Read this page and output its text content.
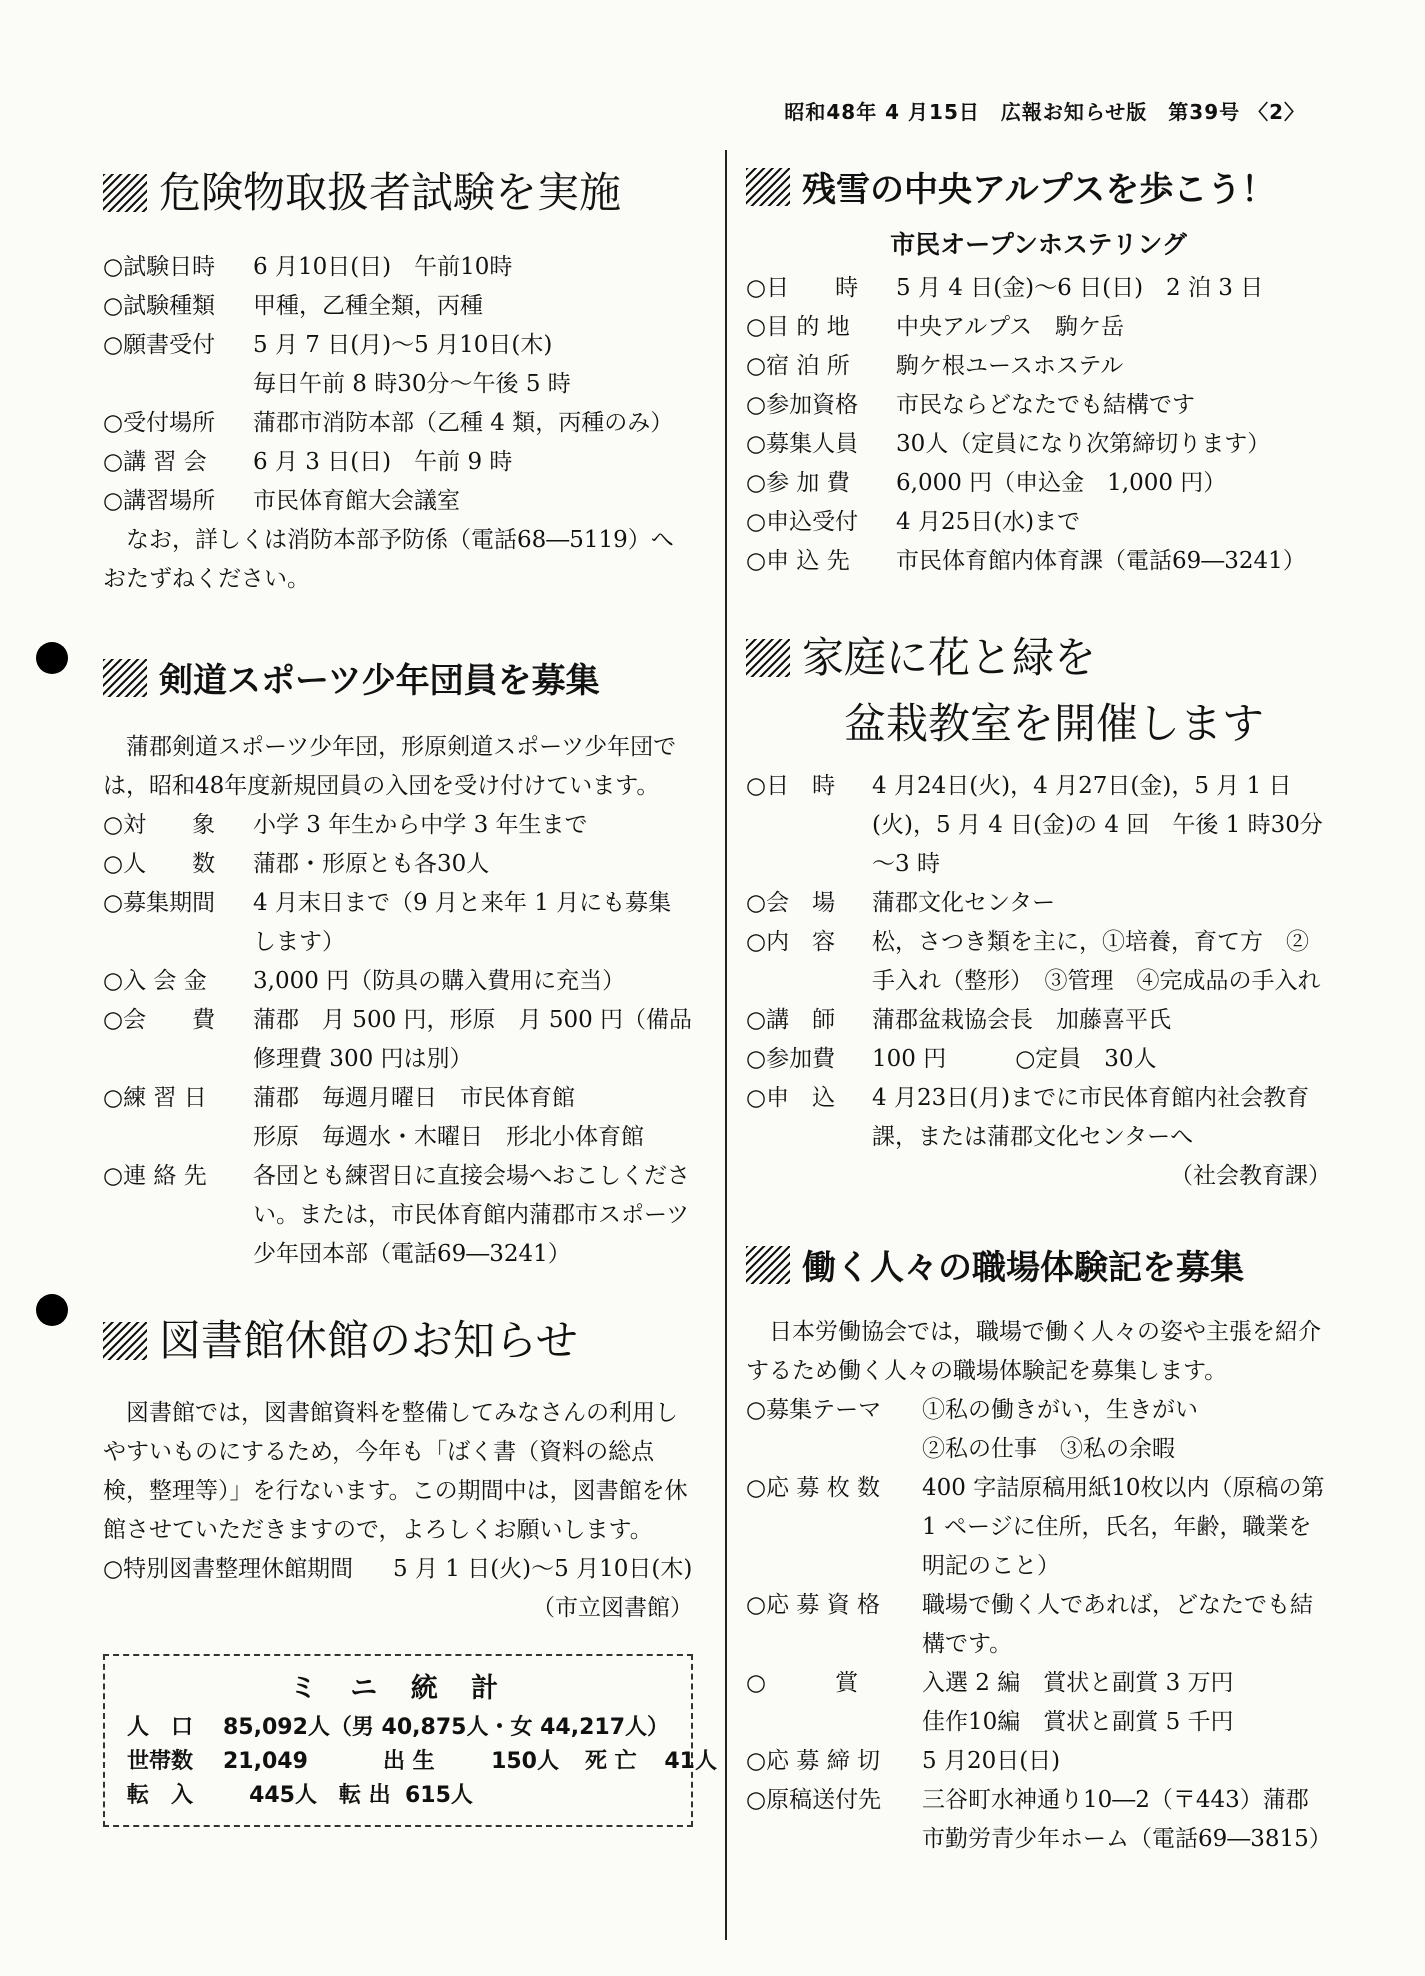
昭和48年 4 月15日　広報お知らせ版　第39号 〈2〉
危険物取扱者試験を実施
○試験日時	6 月10日(日)　午前10時
○試験種類	甲種，乙種全類，丙種
○願書受付	5 月 7 日(月)～5 月10日(木)
毎日午前 8 時30分～午後 5 時
○受付場所	蒲郡市消防本部（乙種 4 類，丙種のみ）
○講 習 会	6 月 3 日(日)　午前 9 時
○講習場所	市民体育館大会議室

なお，詳しくは消防本部予防係（電話68―5119）へおたずねください。

剣道スポーツ少年団員を募集

蒲郡剣道スポーツ少年団，形原剣道スポーツ少年団では，昭和48年度新規団員の入団を受け付けています。

○対　　象	小学 3 年生から中学 3 年生まで
○人　　数	蒲郡・形原とも各30人
○募集期間	4 月末日まで（9 月と来年 1 月にも募集します）
○入 会 金	3,000 円（防具の購入費用に充当）
○会　　費	蒲郡　月 500 円，形原　月 500 円（備品修理費 300 円は別）
○練 習 日	蒲郡　毎週月曜日　市民体育館
形原　毎週水・木曜日　形北小体育館
○連 絡 先	各団とも練習日に直接会場へおこしください。または，市民体育館内蒲郡市スポーツ少年団本部（電話69―3241）
図書館休館のお知らせ

図書館では，図書館資料を整備してみなさんの利用しやすいものにするため，今年も「ばく書（資料の総点検，整理等）」を行ないます。この期間中は，図書館を休館させていただきますので，よろしくお願いします。

○特別図書整理休館期間	5 月 1 日(火)～5 月10日(木)
（市立図書館）
ミ ニ 統 計
人　口 85,092人（男 40,875人・女 44,217人）
世帯数 21,049	出 生	150人 死 亡 41人
転　入	445人 転 出 615人
残雪の中央アルプスを歩こう！
市民オープンホステリング
○日　　時	5 月 4 日(金)～6 日(日)　2 泊 3 日
○目 的 地	中央アルプス　駒ケ岳
○宿 泊 所	駒ケ根ユースホステル
○参加資格	市民ならどなたでも結構です
○募集人員	30人（定員になり次第締切ります）
○参 加 費	6,000 円（申込金　1,000 円）
○申込受付	4 月25日(水)まで
○申 込 先	市民体育館内体育課（電話69―3241）
家庭に花と緑を
盆栽教室を開催します
○日　時	4 月24日(火)，4 月27日(金)，5 月 1 日(火)，5 月 4 日(金)の 4 回　午後 1 時30分～3 時
○会　場	蒲郡文化センター
○内　容	松，さつき類を主に，①培養，育て方　②手入れ（整形）　③管理　④完成品の手入れ
○講　師	蒲郡盆栽協会長　加藤喜平氏
○参加費	100 円　　　○定員　30人
○申　込	4 月23日(月)までに市民体育館内社会教育課，または蒲郡文化センターへ
（社会教育課）
働く人々の職場体験記を募集

日本労働協会では，職場で働く人々の姿や主張を紹介するため働く人々の職場体験記を募集します。

○募集テーマ	①私の働きがい，生きがい
②私の仕事　③私の余暇
○応 募 枚 数	400 字詰原稿用紙10枚以内（原稿の第 1 ページに住所，氏名，年齢，職業を明記のこと）
○応 募 資 格	職場で働く人であれば，どなたでも結構です。
○　　　賞	入選 2 編　賞状と副賞 3 万円
佳作10編　賞状と副賞 5 千円
○応 募 締 切	5 月20日(日)
○原稿送付先	三谷町水神通り10―2（〒443）蒲郡市勤労青少年ホーム（電話69―3815）
